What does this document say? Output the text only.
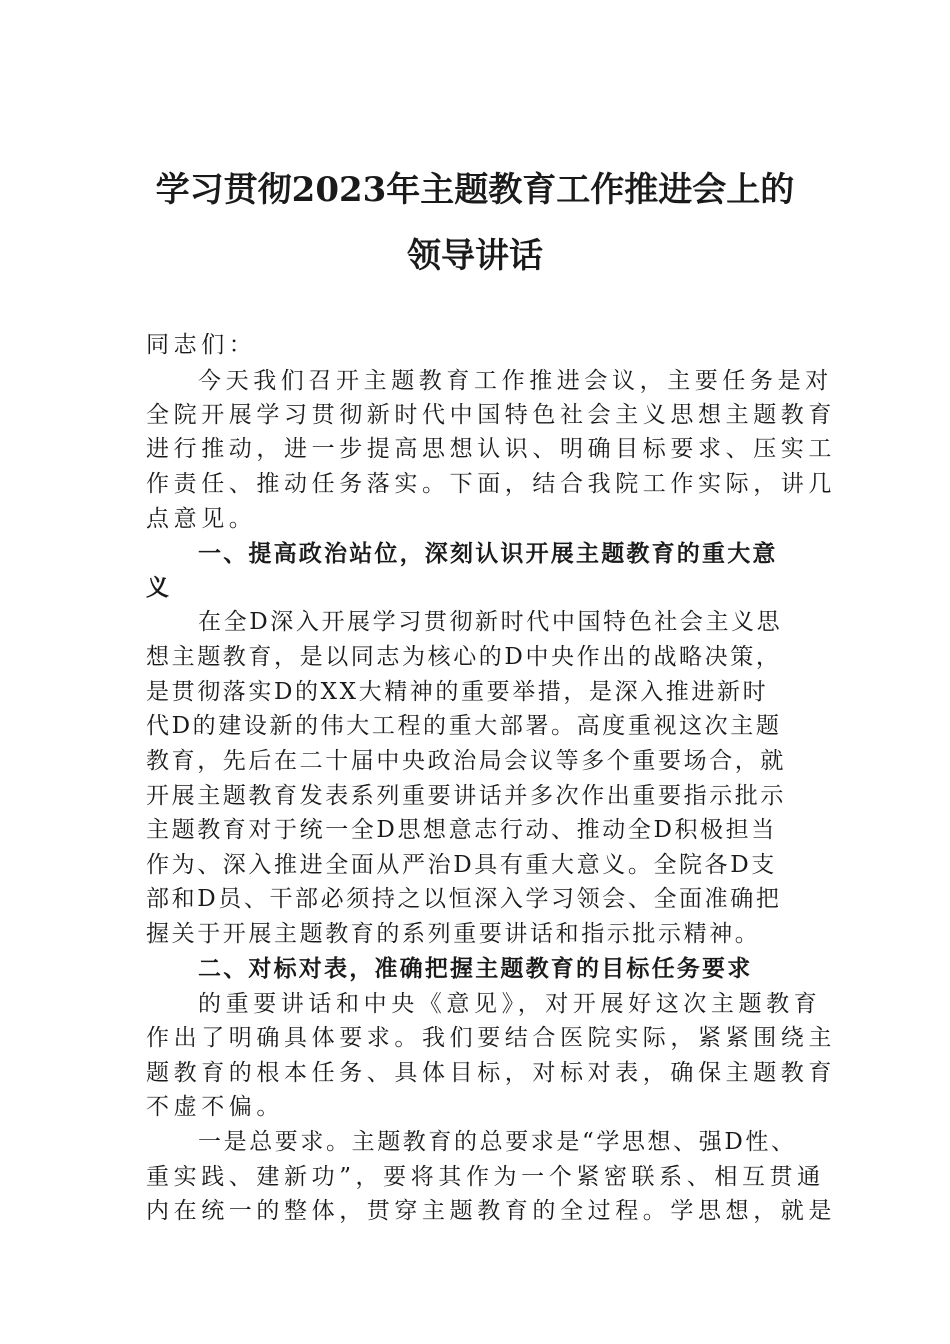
学习贯彻2023年主题教育工作推进会上的
领导讲话
同志们：
今天我们召开主题教育工作推进会议，主要任务是对
全院开展学习贯彻新时代中国特色社会主义思想主题教育
进行推动，进一步提高思想认识、明确目标要求、压实工
作责任、推动任务落实。下面，结合我院工作实际，讲几
点意见。
一、提高政治站位，深刻认识开展主题教育的重大意
义
在全D深入开展学习贯彻新时代中国特色社会主义思
想主题教育，是以同志为核心的D中央作出的战略决策，
是贯彻落实D的XX大精神的重要举措，是深入推进新时
代D的建设新的伟大工程的重大部署。高度重视这次主题
教育，先后在二十届中央政治局会议等多个重要场合，就
开展主题教育发表系列重要讲话并多次作出重要指示批示
主题教育对于统一全D思想意志行动、推动全D积极担当
作为、深入推进全面从严治D具有重大意义。全院各D支
部和D员、干部必须持之以恒深入学习领会、全面准确把
握关于开展主题教育的系列重要讲话和指示批示精神。
二、对标对表，准确把握主题教育的目标任务要求
的重要讲话和中央《意见》，对开展好这次主题教育
作出了明确具体要求。我们要结合医院实际，紧紧围绕主
题教育的根本任务、具体目标，对标对表，确保主题教育
不虚不偏。
一是总要求。主题教育的总要求是“学思想、强D性、
重实践、建新功”，要将其作为一个紧密联系、相互贯通
内在统一的整体，贯穿主题教育的全过程。学思想，就是
